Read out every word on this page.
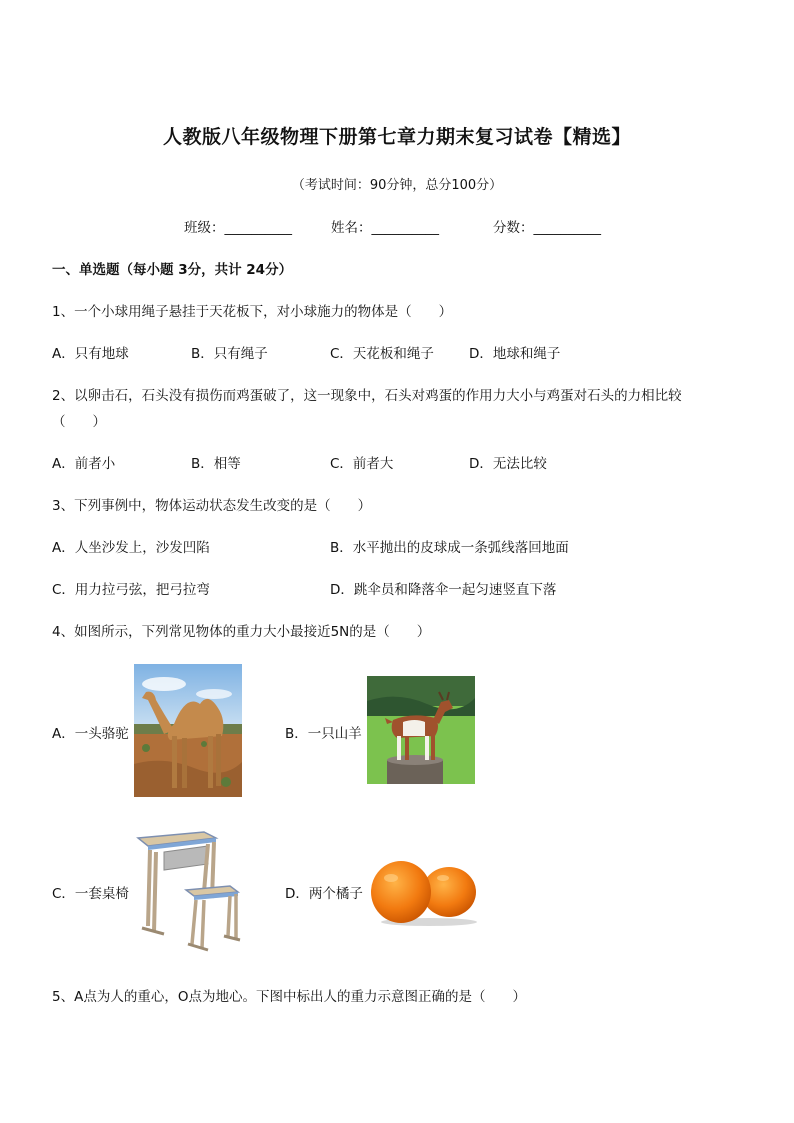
人教版八年级物理下册第七章力期末复习试卷【精选】
（考试时间：90分钟，总分100分）
班级：__________	姓名：__________	分数：__________
一、单选题（每小题 3分，共计 24分）
1、一个小球用绳子悬挂于天花板下，对小球施力的物体是（　　）
A．只有地球	B．只有绳子	C．天花板和绳子	D．地球和绳子
2、以卵击石，石头没有损伤而鸡蛋破了，这一现象中，石头对鸡蛋的作用力大小与鸡蛋对石头的力相比较
（　　）
A．前者小	B．相等	C．前者大	D．无法比较
3、下列事例中，物体运动状态发生改变的是（　　）
A．人坐沙发上，沙发凹陷	B．水平抛出的皮球成一条弧线落回地面
C．用力拉弓弦，把弓拉弯	D．跳伞员和降落伞一起匀速竖直下落
4、如图所示，下列常见物体的重力大小最接近5N的是（　　）
A．一头骆驼	B．一只山羊
C．一套桌椅	D．两个橘子
5、A点为人的重心，O点为地心。下图中标出人的重力示意图正确的是（　　）
